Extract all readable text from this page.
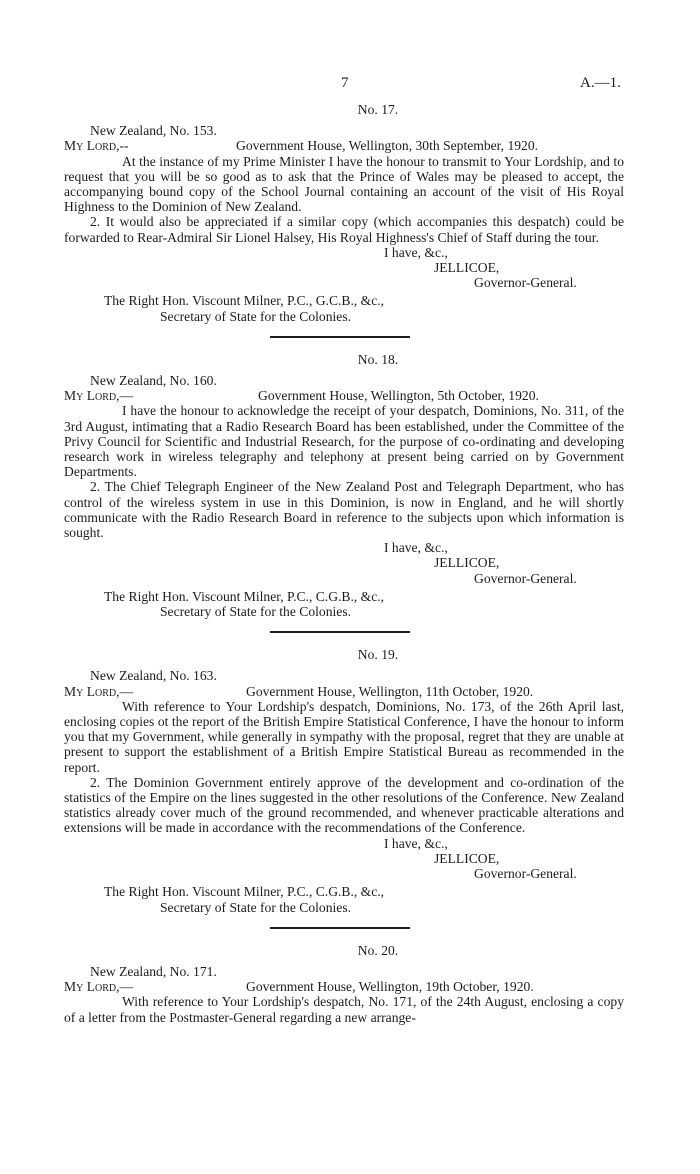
7	A.—1.
No. 17.
New Zealand, No. 153.
My Lord,--	Government House, Wellington, 30th September, 1920.

At the instance of my Prime Minister I have the honour to transmit to Your Lordship, and to request that you will be so good as to ask that the Prince of Wales may be pleased to accept, the accompanying bound copy of the School Journal containing an account of the visit of His Royal Highness to the Dominion of New Zealand.

2. It would also be appreciated if a similar copy (which accompanies this despatch) could be forwarded to Rear-Admiral Sir Lionel Halsey, His Royal Highness's Chief of Staff during the tour.

I have, &c.,
JELLICOE,
Governor-General.
The Right Hon. Viscount Milner, P.C., G.C.B., &c.,
Secretary of State for the Colonies.
No. 18.
New Zealand, No. 160.
My Lord,—	Government House, Wellington, 5th October, 1920.

I have the honour to acknowledge the receipt of your despatch, Dominions, No. 311, of the 3rd August, intimating that a Radio Research Board has been established, under the Committee of the Privy Council for Scientific and Industrial Research, for the purpose of co-ordinating and developing research work in wireless telegraphy and telephony at present being carried on by Government Departments.

2. The Chief Telegraph Engineer of the New Zealand Post and Telegraph Department, who has control of the wireless system in use in this Dominion, is now in England, and he will shortly communicate with the Radio Research Board in reference to the subjects upon which information is sought.

I have, &c.,
JELLICOE,
Governor-General.
The Right Hon. Viscount Milner, P.C., C.G.B., &c.,
Secretary of State for the Colonies.
No. 19.
New Zealand, No. 163.
My Lord,—	Government House, Wellington, 11th October, 1920.

With reference to Your Lordship's despatch, Dominions, No. 173, of the 26th April last, enclosing copies ot the report of the British Empire Statistical Conference, I have the honour to inform you that my Government, while generally in sympathy with the proposal, regret that they are unable at present to support the establishment of a British Empire Statistical Bureau as recommended in the report.

2. The Dominion Government entirely approve of the development and co-ordination of the statistics of the Empire on the lines suggested in the other resolutions of the Conference. New Zealand statistics already cover much of the ground recommended, and whenever practicable alterations and extensions will be made in accordance with the recommendations of the Conference.

I have, &c.,
JELLICOE,
Governor-General.
The Right Hon. Viscount Milner, P.C., C.G.B., &c.,
Secretary of State for the Colonies.
No. 20.
New Zealand, No. 171.
My Lord,—	Government House, Wellington, 19th October, 1920.

With reference to Your Lordship's despatch, No. 171, of the 24th August, enclosing a copy of a letter from the Postmaster-General regarding a new arrange-
